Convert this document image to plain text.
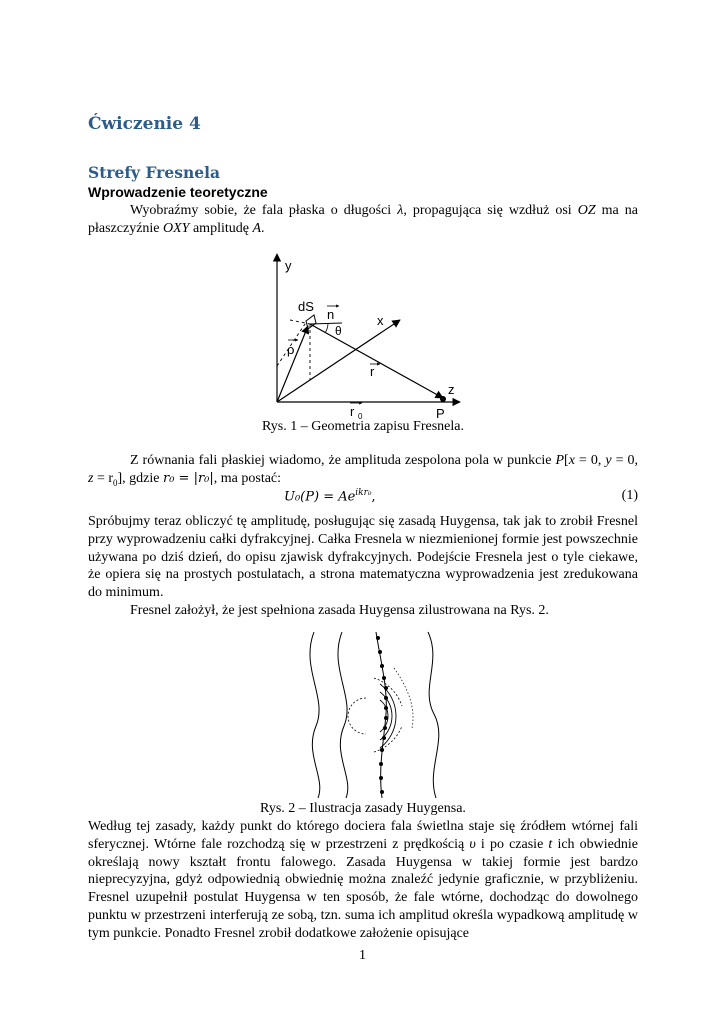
Ćwiczenie 4
Strefy Fresnela
Wprowadzenie teoretyczne
Wyobraźmy sobie, że fala płaska o długości λ, propagująca się wzdłuż osi OZ ma na płaszczyźnie OXY amplitudę A.
y
dS
n	x
θ
ρ
r
z
r 0	P
Rys. 1 – Geometria zapisu Fresnela.
Z równania fali płaskiej wiadomo, że amplituda zespolona pola w punkcie P[x = 0, y = 0, $z = r_0$], gdzie r₀ = |r₀|, ma postać:
$U_0(P) = Ae^{ikr_0}$,	(1)
Spróbujmy teraz obliczyć tę amplitudę, posługując się zasadą Huygensa, tak jak to zrobił Fresnel przy wyprowadzeniu całki dyfrakcyjnej. Całka Fresnela w niezmienionej formie jest powszechnie używana po dziś dzień, do opisu zjawisk dyfrakcyjnych. Podejście Fresnela jest o tyle ciekawe, że opiera się na prostych postulatach, a strona matematyczna wyprowadzenia jest zredukowana do minimum.
Fresnel założył, że jest spełniona zasada Huygensa zilustrowana na Rys. 2.
Rys. 2 – Ilustracja zasady Huygensa.
Według tej zasady, każdy punkt do którego dociera fala świetlna staje się źródłem wtórnej fali sferycznej. Wtórne fale rozchodzą się w przestrzeni z prędkością υ i po czasie t ich obwiednie określają nowy kształt frontu falowego. Zasada Huygensa w takiej formie jest bardzo nieprecyzyjna, gdyż odpowiednią obwiednię można znaleźć jedynie graficznie, w przybliżeniu. Fresnel uzupełnił postulat Huygensa w ten sposób, że fale wtórne, dochodząc do dowolnego punktu w przestrzeni interferują ze sobą, tzn. suma ich amplitud określa wypadkową amplitudę w tym punkcie. Ponadto Fresnel zrobił dodatkowe założenie opisujące
1
